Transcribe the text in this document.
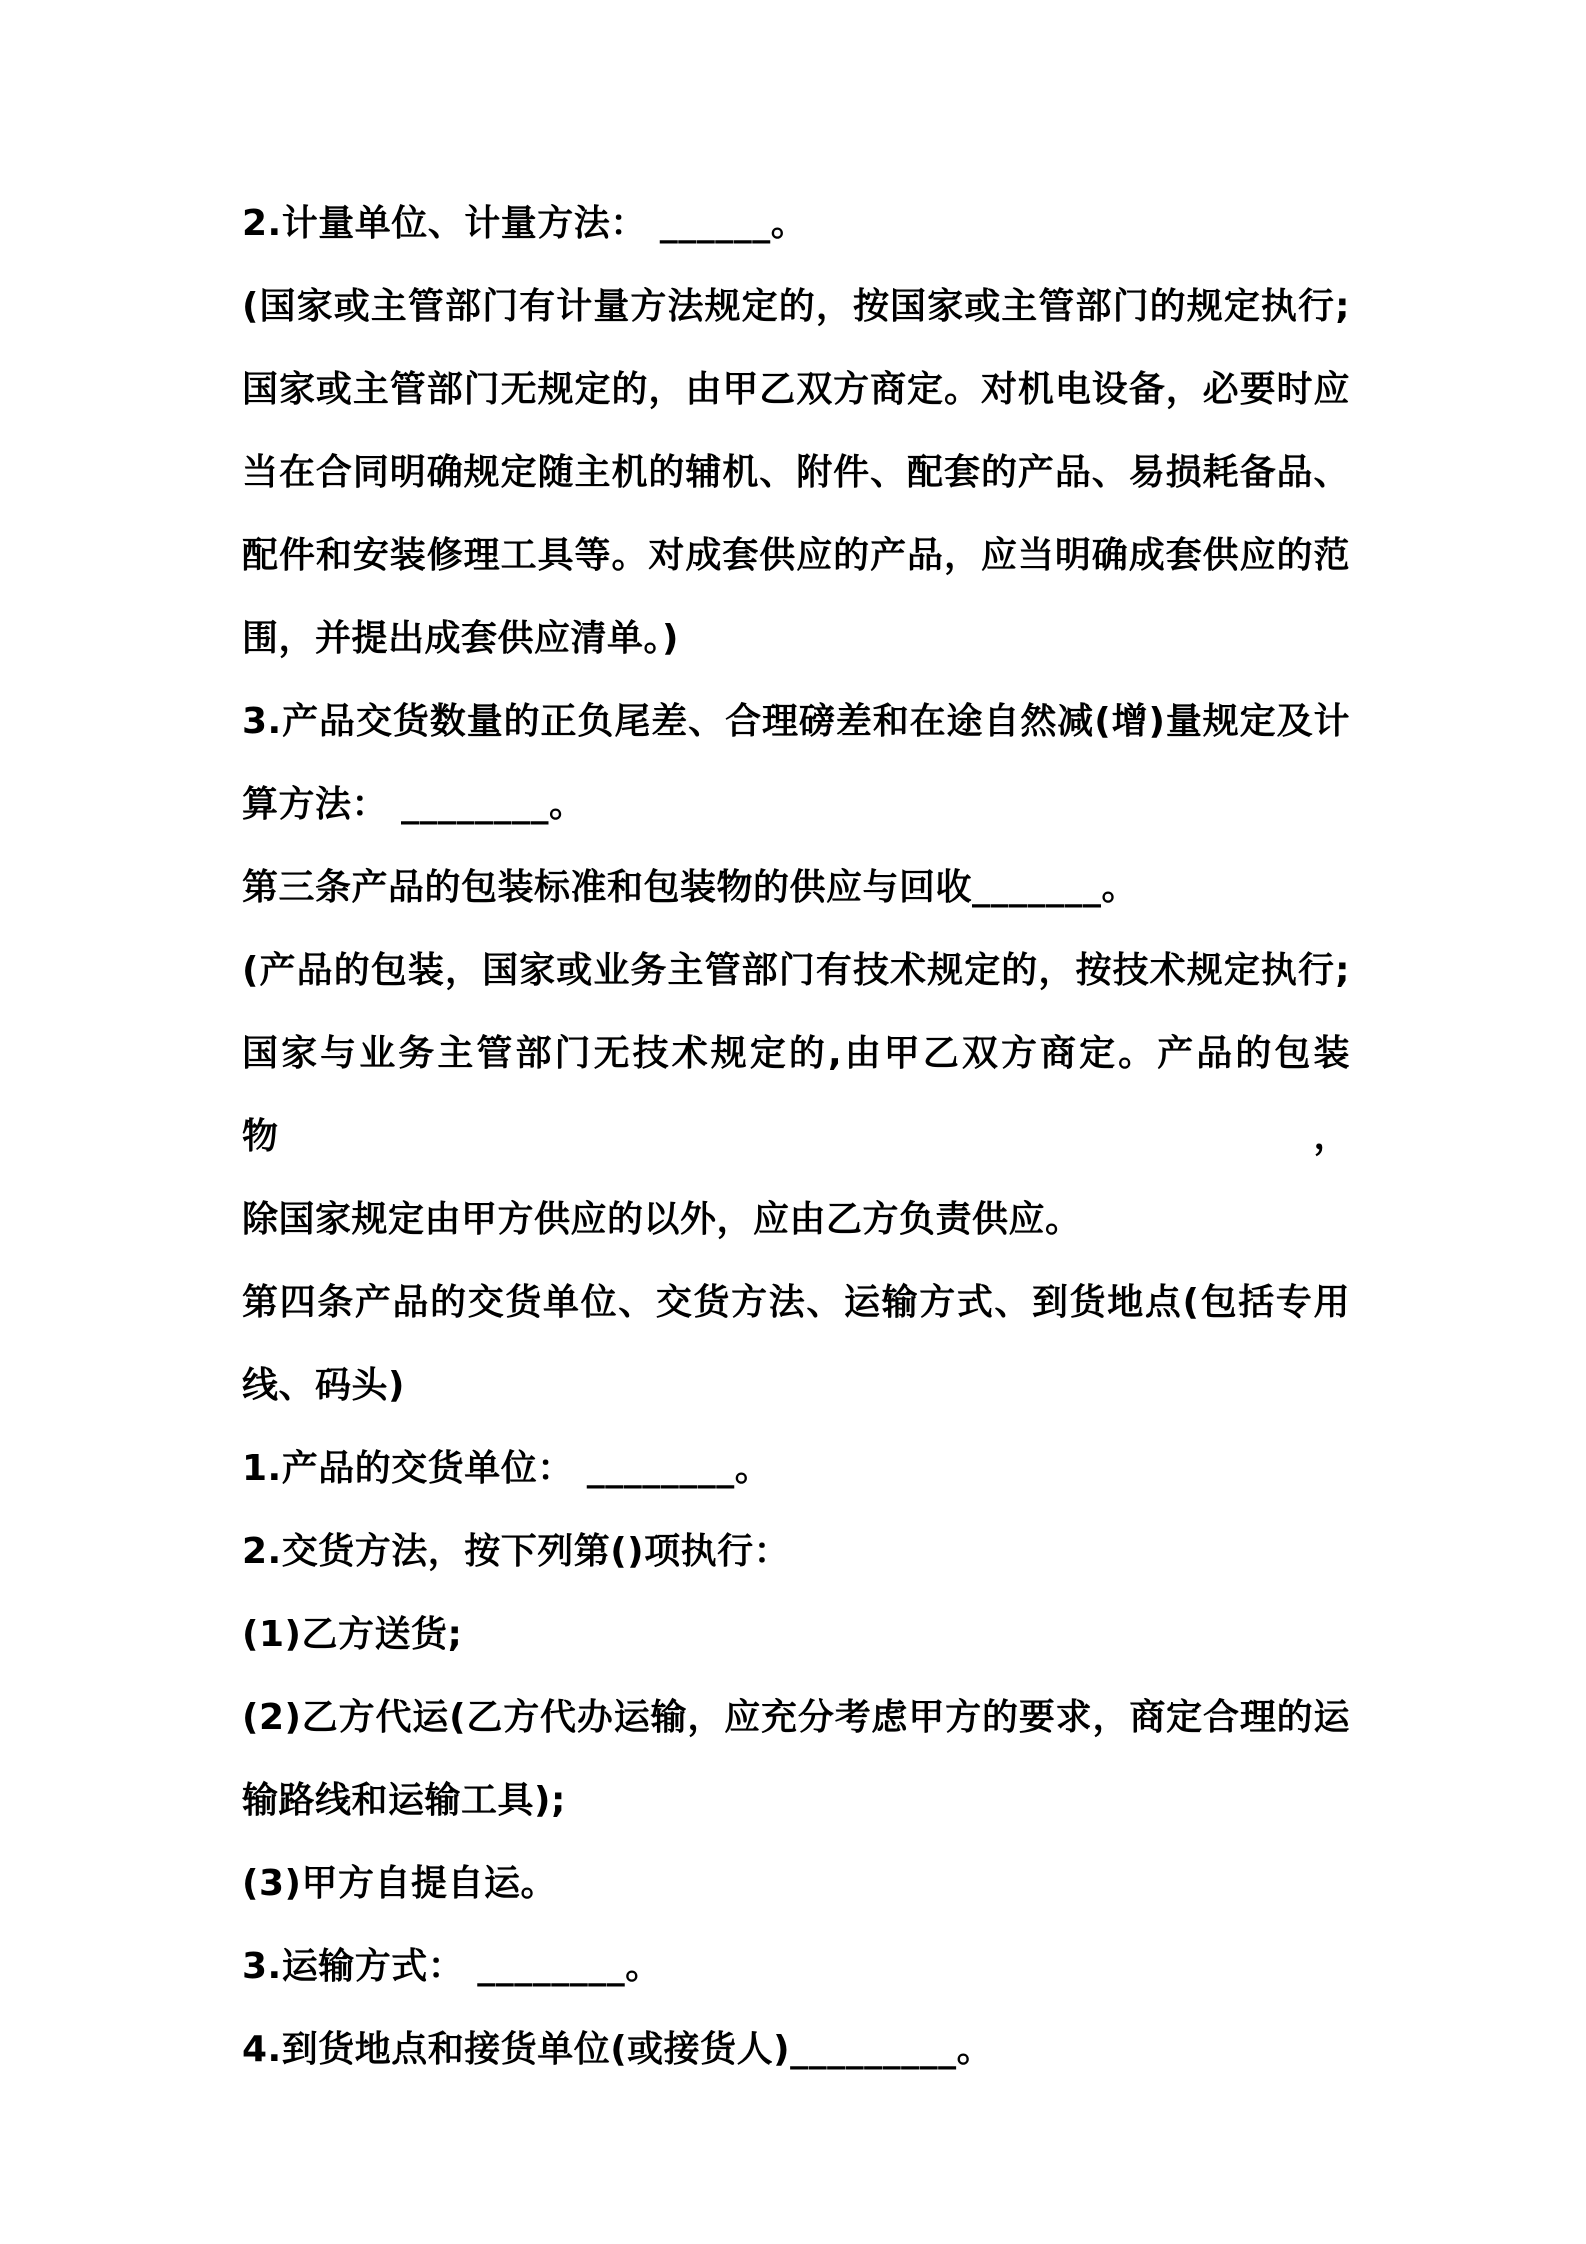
2.计量单位、计量方法： ______。
(国家或主管部门有计量方法规定的，按国家或主管部门的规定执行;
国家或主管部门无规定的，由甲乙双方商定。对机电设备，必要时应
当在合同明确规定随主机的辅机、附件、配套的产品、易损耗备品、
配件和安装修理工具等。对成套供应的产品，应当明确成套供应的范
围，并提出成套供应清单。)
3.产品交货数量的正负尾差、合理磅差和在途自然减(增)量规定及计
算方法： ________。
第三条产品的包装标准和包装物的供应与回收_______。
(产品的包装，国家或业务主管部门有技术规定的，按技术规定执行;
国家与业务主管部门无技术规定的,由甲乙双方商定。产品的包装物，
除国家规定由甲方供应的以外，应由乙方负责供应。
第四条产品的交货单位、交货方法、运输方式、到货地点(包括专用
线、码头)
1.产品的交货单位： ________。
2.交货方法，按下列第()项执行：
(1)乙方送货;
(2)乙方代运(乙方代办运输，应充分考虑甲方的要求，商定合理的运
输路线和运输工具);
(3)甲方自提自运。
3.运输方式： ________。
4.到货地点和接货单位(或接货人)_________。
